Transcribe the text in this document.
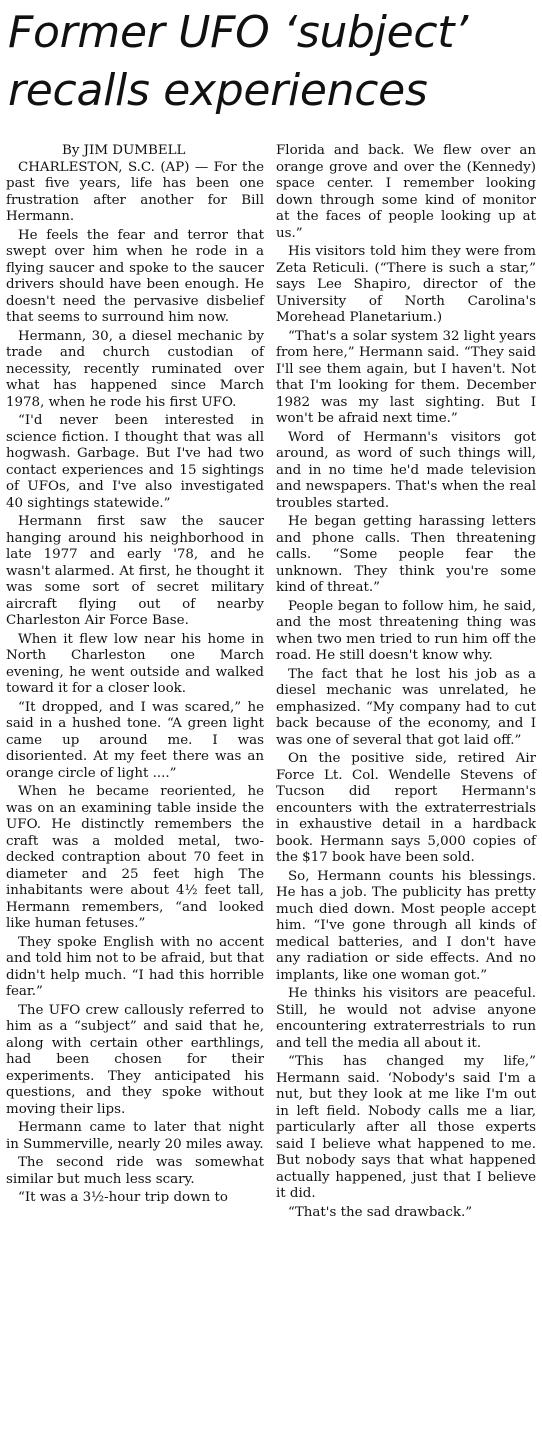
Former UFO ‘subject’
recalls experiences

By JIM DUMBELL

CHARLESTON, S.C. (AP) — For the past five years, life has been one frustration after another for Bill Hermann.

He feels the fear and terror that swept over him when he rode in a flying saucer and spoke to the saucer drivers should have been enough. He doesn't need the pervasive disbelief that seems to surround him now.

Hermann, 30, a diesel mechanic by trade and church custodian of necessity, recently ruminated over what has happened since March 1978, when he rode his first UFO.

“I'd never been interested in science fiction. I thought that was all hogwash. Garbage. But I've had two contact experiences and 15 sightings of UFOs, and I've also investigated 40 sightings statewide.”

Hermann first saw the saucer hanging around his neighborhood in late 1977 and early '78, and he wasn't alarmed. At first, he thought it was some sort of secret military aircraft flying out of nearby Charleston Air Force Base.

When it flew low near his home in North Charleston one March evening, he went outside and walked toward it for a closer look.

“It dropped, and I was scared,” he said in a hushed tone. “A green light came up around me. I was disoriented. At my feet there was an orange circle of light ....”

When he became reoriented, he was on an examining table inside the UFO. He distinctly remembers the craft was a molded metal, two-decked contraption about 70 feet in diameter and 25 feet high The inhabitants were about 4½ feet tall, Hermann remembers, “and looked like human fetuses.”

They spoke English with no accent and told him not to be afraid, but that didn't help much. “I had this horrible fear.”

The UFO crew callously referred to him as a “subject” and said that he, along with certain other earthlings, had been chosen for their experiments. They anticipated his questions, and they spoke without moving their lips.

Hermann came to later that night in Summerville, nearly 20 miles away.

The second ride was somewhat similar but much less scary.

“It was a 3½-hour trip down to

Florida and back. We flew over an orange grove and over the (Kennedy) space center. I remember looking down through some kind of monitor at the faces of people looking up at us.”

His visitors told him they were from Zeta Reticuli. (“There is such a star,” says Lee Shapiro, director of the University of North Carolina's Morehead Planetarium.)

“That's a solar system 32 light years from here,” Hermann said. “They said I'll see them again, but I haven't. Not that I'm looking for them. December 1982 was my last sighting. But I won't be afraid next time.”

Word of Hermann's visitors got around, as word of such things will, and in no time he'd made television and newspapers. That's when the real troubles started.

He began getting harassing letters and phone calls. Then threatening calls. “Some people fear the unknown. They think you're some kind of threat.”

People began to follow him, he said, and the most threatening thing was when two men tried to run him off the road. He still doesn't know why.

The fact that he lost his job as a diesel mechanic was unrelated, he emphasized. “My company had to cut back because of the economy, and I was one of several that got laid off.”

On the positive side, retired Air Force Lt. Col. Wendelle Stevens of Tucson did report Hermann's encounters with the extraterrestrials in exhaustive detail in a hardback book. Hermann says 5,000 copies of the $17 book have been sold.

So, Hermann counts his blessings. He has a job. The publicity has pretty much died down. Most people accept him. “I've gone through all kinds of medical batteries, and I don't have any radiation or side effects. And no implants, like one woman got.”

He thinks his visitors are peaceful. Still, he would not advise anyone encountering extraterrestrials to run and tell the media all about it.

“This has changed my life,” Hermann said. ‘Nobody's said I'm a nut, but they look at me like I'm out in left field. Nobody calls me a liar, particularly after all those experts said I believe what happened to me. But nobody says that what happened actually happened, just that I believe it did.

“That's the sad drawback.”
